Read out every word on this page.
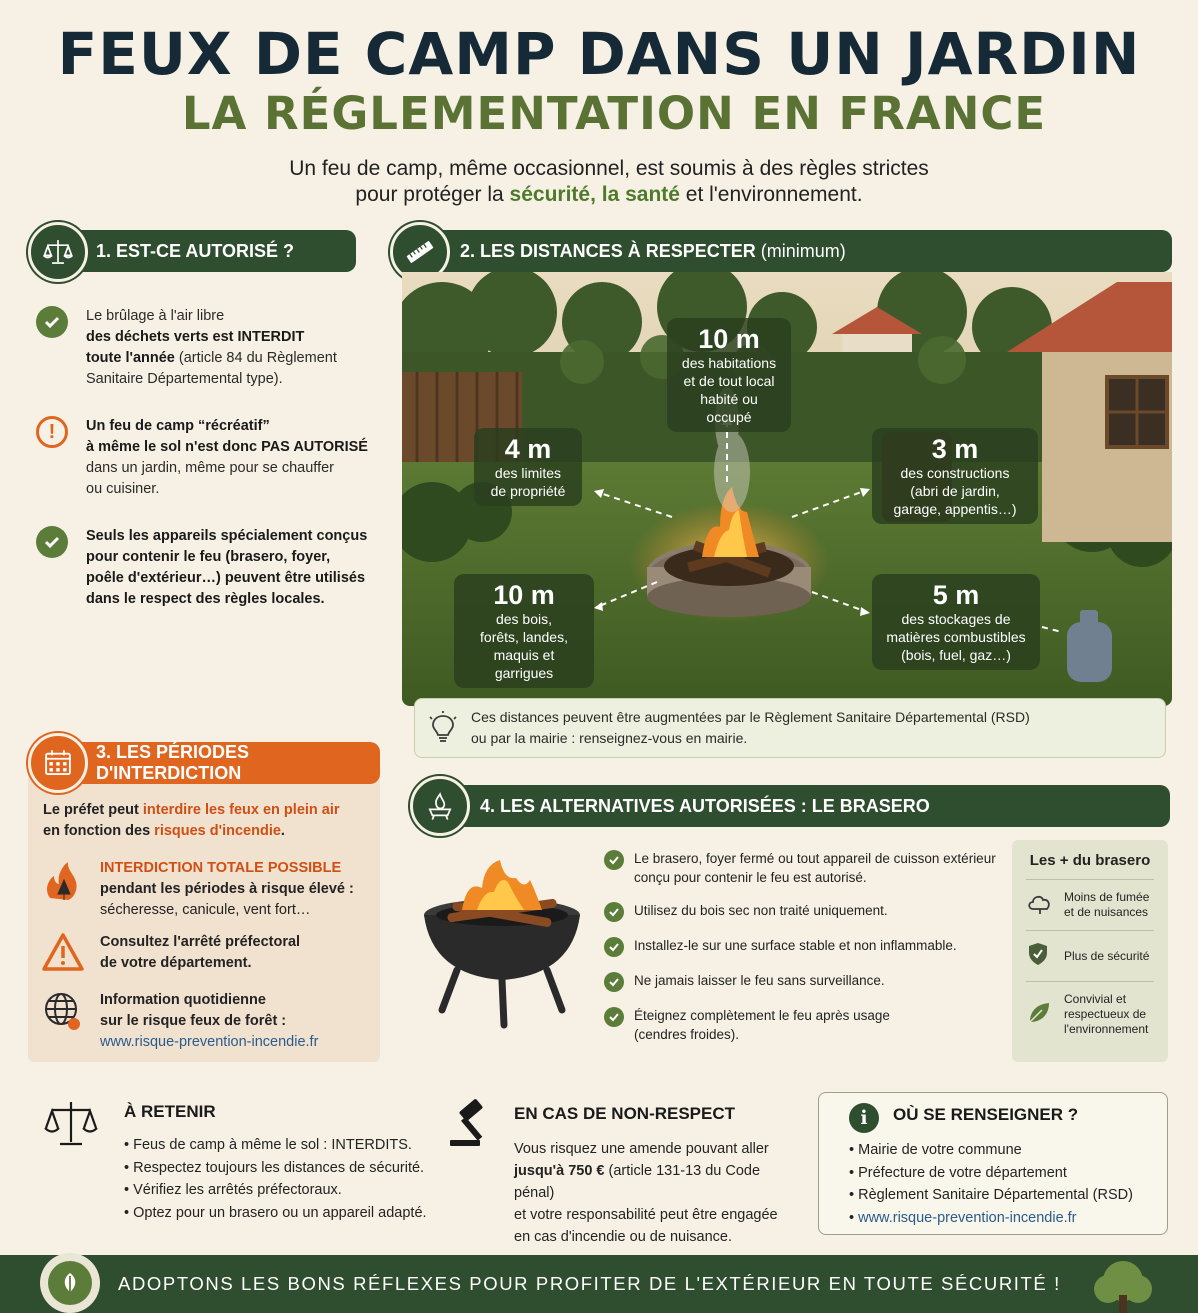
FEUX DE CAMP DANS UN JARDIN
LA RÉGLEMENTATION EN FRANCE
Un feu de camp, même occasionnel, est soumis à des règles strictes
pour protéger la sécurité, la santé et l'environnement.
1. EST-CE AUTORISÉ ?
Le brûlage à l'air libre
des déchets verts est INTERDIT
toute l'année (article 84 du Règlement
Sanitaire Départemental type).
! Un feu de camp “récréatif”
à même le sol n'est donc PAS AUTORISÉ
dans un jardin, même pour se chauffer
ou cuisiner.
Seuls les appareils spécialement conçus
pour contenir le feu (brasero, foyer,
poêle d'extérieur…) peuvent être utilisés
dans le respect des règles locales.
2. LES DISTANCES À RESPECTER
(minimum)
10 m
des habitations
et de tout local
habité ou occupé
4 m
des limites
de propriété
3 m
des constructions
(abri de jardin,
garage, appentis…)
10 m
des bois,
forêts, landes,
maquis et garrigues
5 m
des stockages de
matières combustibles
(bois, fuel, gaz…)
Ces distances peuvent être augmentées par le Règlement Sanitaire Départemental (RSD)
ou par la mairie : renseignez-vous en mairie.
3. LES PÉRIODES D'INTERDICTION
Le préfet peut interdire les feux en plein air
en fonction des risques d'incendie.
INTERDICTION TOTALE POSSIBLE
pendant les périodes à risque élevé :
sécheresse, canicule, vent fort…
Consultez l'arrêté préfectoral
de votre département.
Information quotidienne
sur le risque feux de forêt :
www.risque-prevention-incendie.fr
4. LES ALTERNATIVES AUTORISÉES : LE BRASERO
Le brasero, foyer fermé ou tout appareil de cuisson extérieur
conçu pour contenir le feu est autorisé.
Utilisez du bois sec non traité uniquement.
Installez-le sur une surface stable et non inflammable.
Ne jamais laisser le feu sans surveillance.
Éteignez complètement le feu après usage
(cendres froides).
Les + du brasero
Moins de fumée
et de nuisances
Plus de sécurité
Convivial et
respectueux de
l'environnement
À RETENIR
• Feus de camp à même le sol : INTERDITS.
• Respectez toujours les distances de sécurité.
• Vérifiez les arrêtés préfectoraux.
• Optez pour un brasero ou un appareil adapté.
EN CAS DE NON-RESPECT
Vous risquez une amende pouvant aller
jusqu'à 750 € (article 131-13 du Code pénal)
et votre responsabilité peut être engagée
en cas d'incendie ou de nuisance.
i	OÙ SE RENSEIGNER ?
• Mairie de votre commune
• Préfecture de votre département
• Règlement Sanitaire Départemental (RSD)
• www.risque-prevention-incendie.fr
ADOPTONS LES BONS RÉFLEXES POUR PROFITER DE L'EXTÉRIEUR EN TOUTE SÉCURITÉ !
